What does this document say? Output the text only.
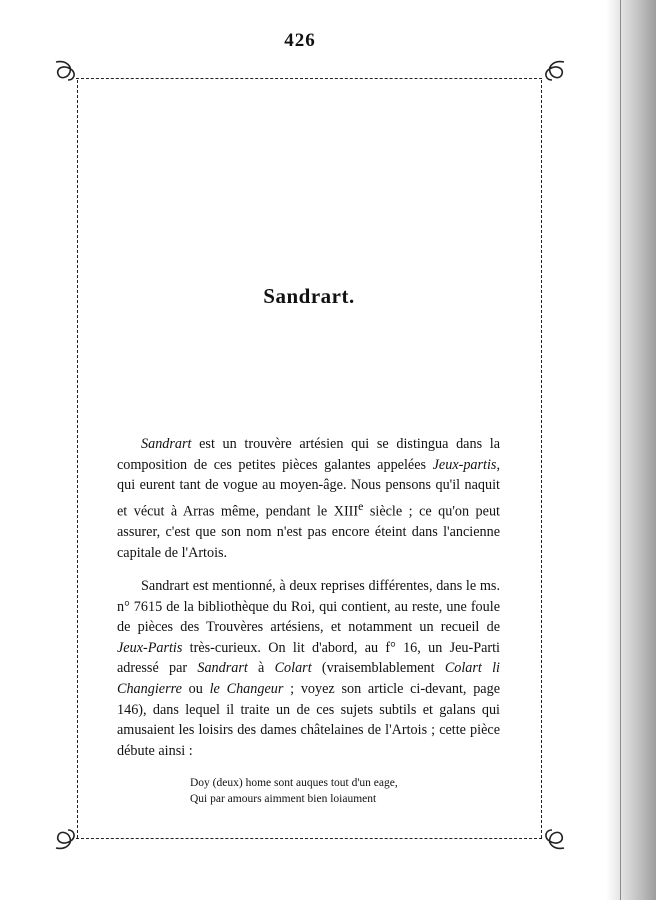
426
Sandrart.

Sandrart est un trouvère artésien qui se distingua dans la composition de ces petites pièces galantes appelées Jeux-partis, qui eurent tant de vogue au moyen-âge. Nous pensons qu'il naquit et vécut à Arras même, pendant le XIIIe siècle ; ce qu'on peut assurer, c'est que son nom n'est pas encore éteint dans l'ancienne capitale de l'Artois.

Sandrart est mentionné, à deux reprises différentes, dans le ms. n° 7615 de la bibliothèque du Roi, qui contient, au reste, une foule de pièces des Trouvères artésiens, et notamment un recueil de Jeux-Partis très-curieux. On lit d'abord, au f° 16, un Jeu-Parti adressé par Sandrart à Colart (vraisemblablement Colart li Changierre ou le Changeur ; voyez son article ci-devant, page 146), dans lequel il traite un de ces sujets subtils et galans qui amusaient les loisirs des dames châtelaines de l'Artois ; cette pièce débute ainsi :

Doy (deux) home sont auques tout d'un eage,
Qui par amours aimment bien loiaument
